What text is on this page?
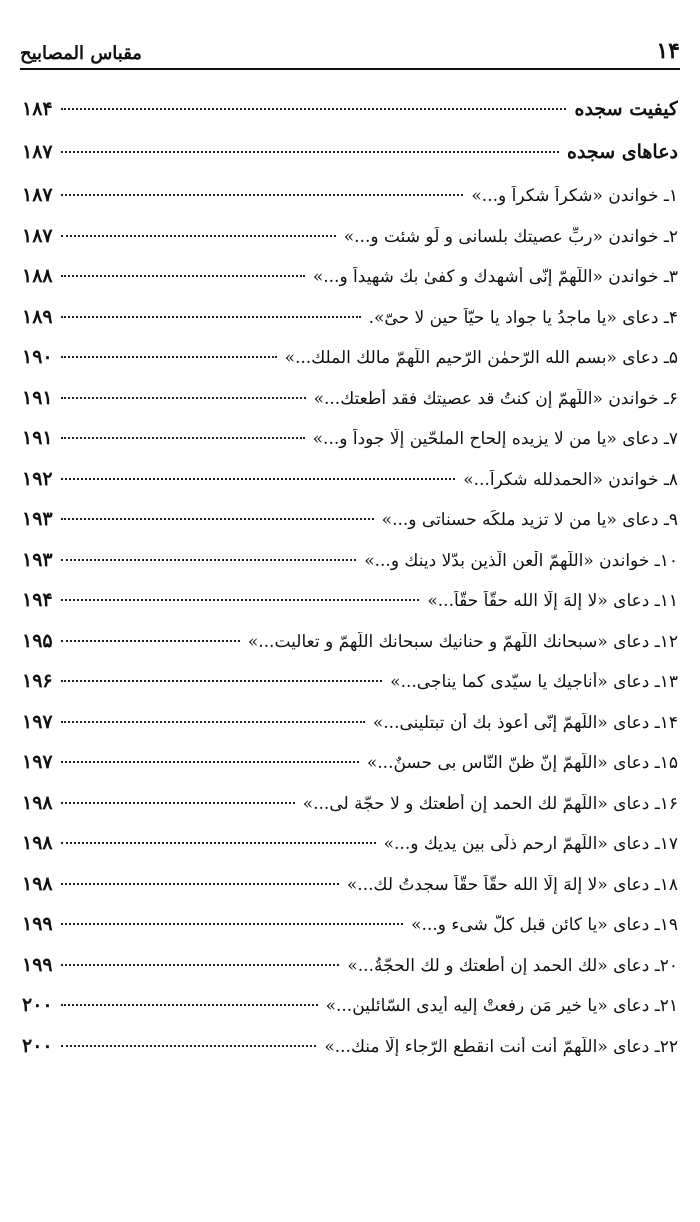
۱۴
مقباس المصابیح
کیفیت سجده
۱۸۴
دعاهای سجده
۱۸۷
۱ـ خواندن «شکراً شکراً و...»
۱۸۷
۲ـ خواندن «ربِّ عصیتك بلسانی و لَو شئت و...»
۱۸۷
۳ـ خواندن «اللّهمّ إنّی أُشهدك و کفیٰ بك شهیداً و...»
۱۸۸
۴ـ دعای «یا ماجدُ یا جواد یا حیّاً حین لا حیّ».
۱۸۹
۵ـ دعای «بسم الله الرّحمٰن الرّحیم اللّهمّ مالك الملك...»
۱۹۰
۶ـ خواندن «اللّهمّ إن کنتُ قد عصیتك فقد أطعتك...»
۱۹۱
۷ـ دعای «یا من لا یزیده إلحاح الملحّین إلّا جوداً و...»
۱۹۱
۸ـ خواندن «الحمدلله شکراً...»
۱۹۲
۹ـ دعای «یا من لا تزید ملکَه حسناتی و...»
۱۹۳
۱۰ـ خواندن «اللّهمّ الْعن الّذین بدّلا دینك و...»
۱۹۳
۱۱ـ دعای «لا إلهَ إلّا الله حقّاً حقّاً...»
۱۹۴
۱۲ـ دعای «سبحانك اللّهمّ و حنانیك سبحانك اللّهمّ و تعالیت...»
۱۹۵
۱۳ـ دعای «أناجیك یا سیّدی کما یناجی...»
۱۹۶
۱۴ـ دعای «اللّهمّ إنّی أعوذ بك أن تبتلینی...»
۱۹۷
۱۵ـ دعای «اللّهمّ إنّ ظنّ النّاس بی حسنٌ...»
۱۹۷
۱۶ـ دعای «اللّهمّ لك الحمد إن أطعتك و لا حجّة لی...»
۱۹۸
۱۷ـ دعای «اللّهمّ ارحم ذلّی بین یدیك و...»
۱۹۸
۱۸ـ دعای «لا إلهَ إلّا الله حقّاً حقّاً سجدتُ لك...»
۱۹۸
۱۹ـ دعای «یا کائن قبل کلّ شیء و...»
۱۹۹
۲۰ـ دعای «لك الحمد إن أطعتك و لك الحجّةُ...»
۱۹۹
۲۱ـ دعای «یا خیر مَن رفعتْ إلیه أیدی السّائلین...»
۲۰۰
۲۲ـ دعای «اللّهمّ أنت أنت انقطع الرّجاء إلّا منك...»
۲۰۰
